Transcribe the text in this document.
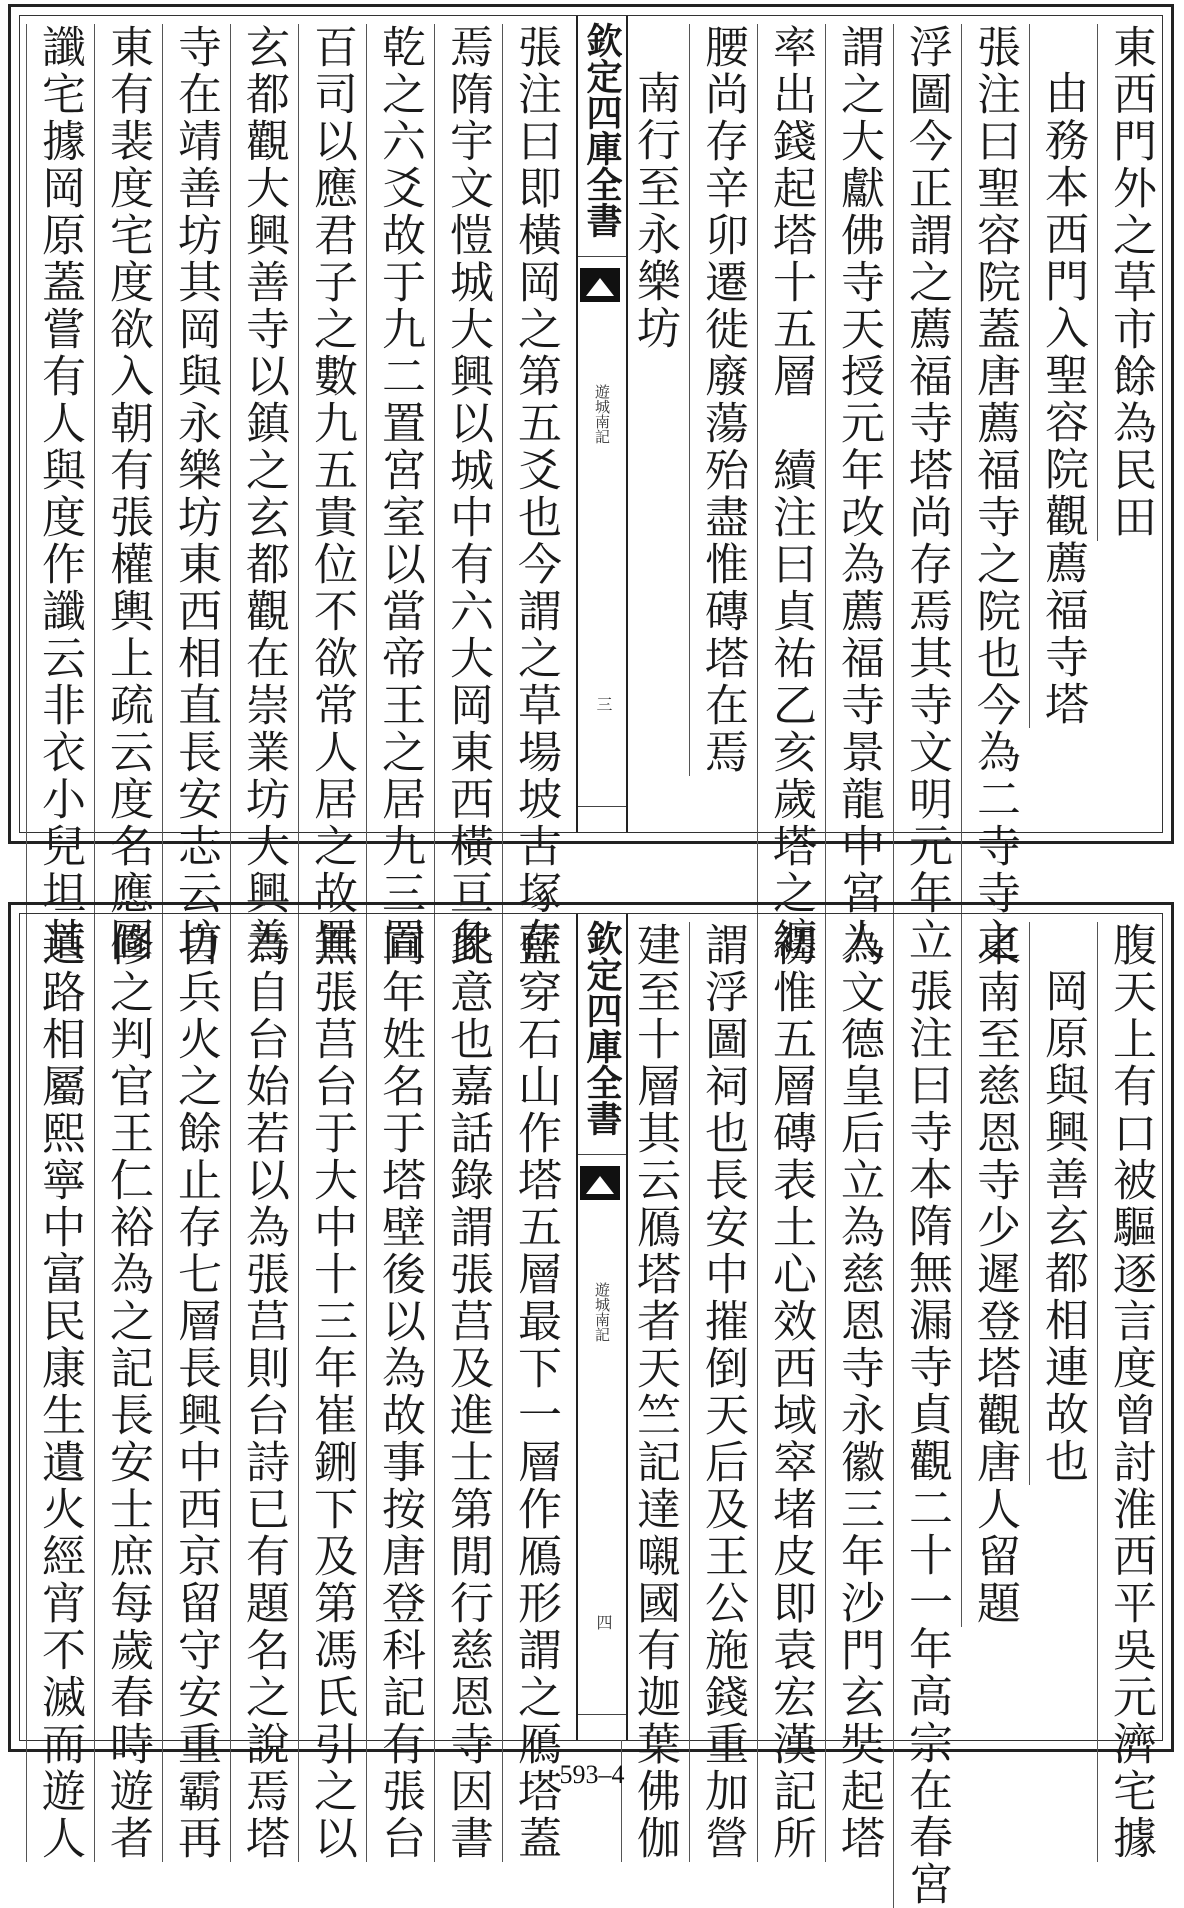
東西門外之草市餘為民田
由務本西門入聖容院觀薦福寺塔
張注曰聖容院蓋唐薦福寺之院也今為二寺寺之
浮圖今正謂之薦福寺塔尚存焉其寺文明元年立
謂之大獻佛寺天授元年改為薦福寺景龍中宮人
率出錢起塔十五層　續注曰貞祐乙亥歲塔之纏
腰尚存辛卯遷徙廢蕩殆盡惟磚塔在焉
南行至永樂坊
欽定四庫全書
遊城南記
三
張注曰即橫岡之第五爻也今謂之草場坡古塚存
焉隋宇文愷城大興以城中有六大岡東西橫亘象
乾之六爻故于九二置宮室以當帝王之居九三置
百司以應君子之數九五貴位不欲常人居之故置
玄都觀大興善寺以鎮之玄都觀在崇業坊大興善
寺在靖善坊其岡與永樂坊東西相直長安志云坊
東有裴度宅度欲入朝有張權輿上疏云度名應圖
讖宅據岡原蓋嘗有人與度作讖云非衣小兒坦其
腹天上有口被驅逐言度曾討淮西平吳元濟宅據
岡原與興善玄都相連故也
東南至慈恩寺少遲登塔觀唐人留題
張注曰寺本隋無漏寺貞觀二十一年高宗在春宮
為文德皇后立為慈恩寺永徽三年沙門玄奘起塔
初惟五層磚表土心效西域窣堵皮即袁宏漢記所
謂浮圖祠也長安中摧倒天后及王公施錢重加營
建至十層其云鴈塔者天竺記達嚫國有迦葉佛伽
欽定四庫全書
遊城南記
四
藍穿石山作塔五層最下一層作鴈形謂之鴈塔蓋
此意也嘉話錄謂張莒及進士第閒行慈恩寺因書
同年姓名于塔壁後以為故事按唐登科記有張台
無張莒台于大中十三年崔鉶下及第馮氏引之以
為自台始若以為張莒則台詩已有題名之說焉塔
自兵火之餘止存七層長興中西京留守安重霸再
修之判官王仁裕為之記長安士庶每歲春時遊者
道路相屬熙寧中富民康生遺火經宵不滅而遊人	593–4
